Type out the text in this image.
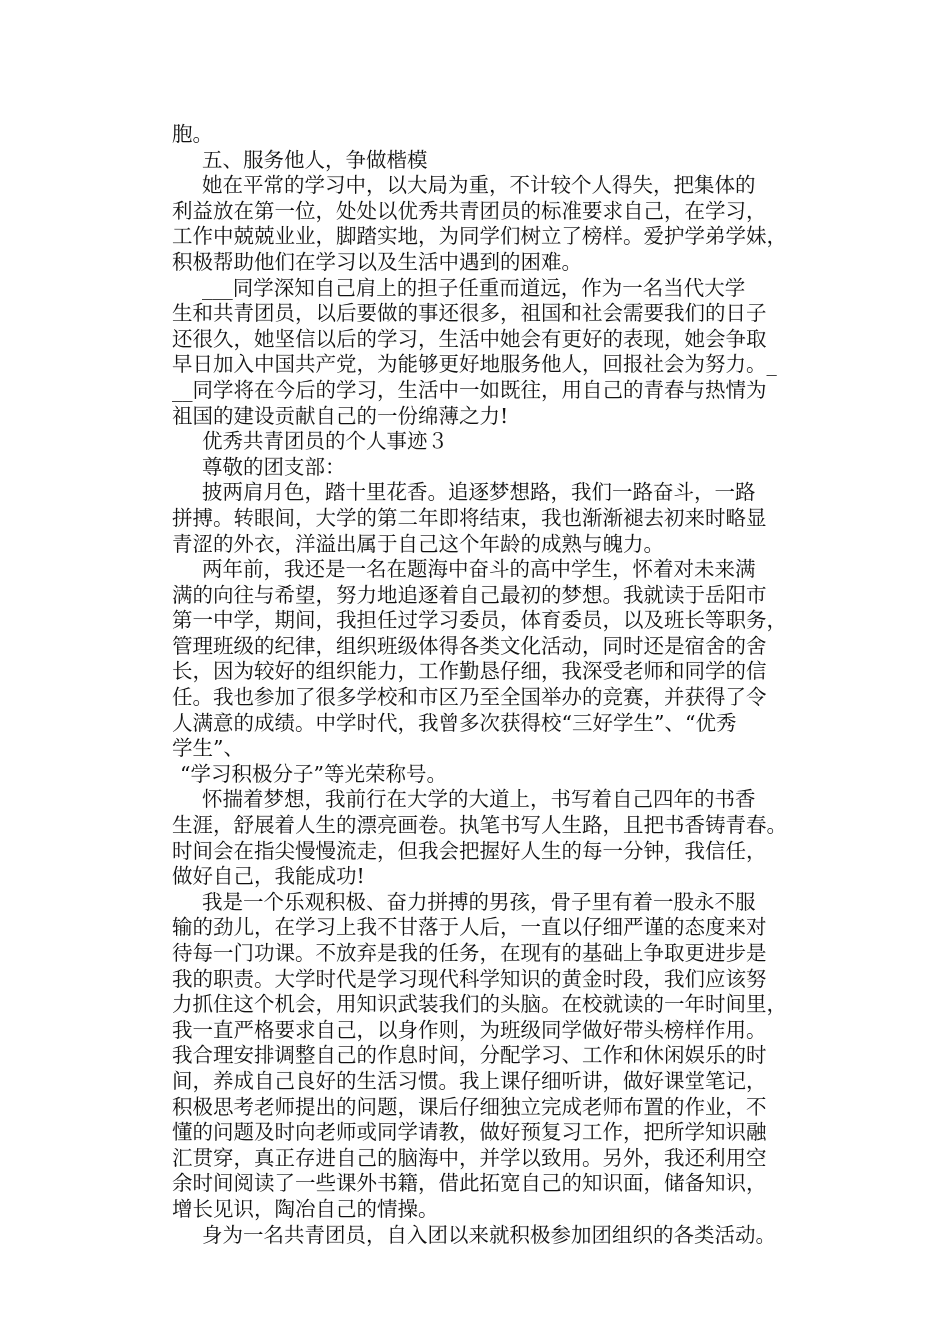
胞。
五、服务他人，争做楷模
她在平常的学习中，以大局为重，不计较个人得失，把集体的
利益放在第一位，处处以优秀共青团员的标准要求自己，在学习，
工作中兢兢业业，脚踏实地，为同学们树立了榜样。爱护学弟学妹，
积极帮助他们在学习以及生活中遇到的困难。
___同学深知自己肩上的担子任重而道远，作为一名当代大学
生和共青团员，以后要做的事还很多，祖国和社会需要我们的日子
还很久，她坚信以后的学习，生活中她会有更好的表现，她会争取
早日加入中国共产党，为能够更好地服务他人，回报社会为努力。_
__同学将在今后的学习，生活中一如既往，用自己的青春与热情为
祖国的建设贡献自己的一份绵薄之力!
优秀共青团员的个人事迹３
尊敬的团支部：
披两肩月色，踏十里花香。追逐梦想路，我们一路奋斗，一路
拼搏。转眼间，大学的第二年即将结束，我也渐渐褪去初来时略显
青涩的外衣，洋溢出属于自己这个年龄的成熟与魄力。
两年前，我还是一名在题海中奋斗的高中学生，怀着对未来满
满的向往与希望，努力地追逐着自己最初的梦想。我就读于岳阳市
第一中学，期间，我担任过学习委员，体育委员，以及班长等职务，
管理班级的纪律，组织班级体得各类文化活动，同时还是宿舍的舍
长，因为较好的组织能力，工作勤恳仔细，我深受老师和同学的信
任。我也参加了很多学校和市区乃至全国举办的竞赛，并获得了令
人满意的成绩。中学时代，我曾多次获得校“三好学生”、“优秀
学生”、
“学习积极分子”等光荣称号。
怀揣着梦想，我前行在大学的大道上，书写着自己四年的书香
生涯，舒展着人生的漂亮画卷。执笔书写人生路，且把书香铸青春。
时间会在指尖慢慢流走，但我会把握好人生的每一分钟，我信任，
做好自己，我能成功!
我是一个乐观积极、奋力拼搏的男孩，骨子里有着一股永不服
输的劲儿，在学习上我不甘落于人后，一直以仔细严谨的态度来对
待每一门功课。不放弃是我的任务，在现有的基础上争取更进步是
我的职责。大学时代是学习现代科学知识的黄金时段，我们应该努
力抓住这个机会，用知识武装我们的头脑。在校就读的一年时间里，
我一直严格要求自己，以身作则，为班级同学做好带头榜样作用。
我合理安排调整自己的作息时间，分配学习、工作和休闲娱乐的时
间，养成自己良好的生活习惯。我上课仔细听讲，做好课堂笔记，
积极思考老师提出的问题，课后仔细独立完成老师布置的作业，不
懂的问题及时向老师或同学请教，做好预复习工作，把所学知识融
汇贯穿，真正存进自己的脑海中，并学以致用。另外，我还利用空
余时间阅读了一些课外书籍，借此拓宽自己的知识面，储备知识，
增长见识，陶冶自己的情操。
身为一名共青团员，自入团以来就积极参加团组织的各类活动。
